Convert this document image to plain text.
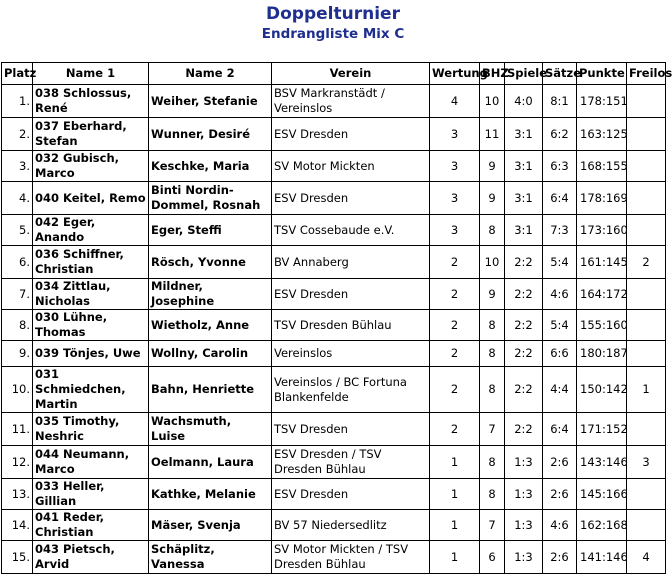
Doppelturnier
Endrangliste Mix C
Platz	Name 1	Name 2	Verein	Wertung	BHZ	Spiele	Sätze	Punkte	Freilos
1.	038 Schlossus, René	Weiher, Stefanie	BSV Markranstädt / Vereinslos	4	10	4:0	8:1	178:151	
2.	037 Eberhard, Stefan	Wunner, Desiré	ESV Dresden	3	11	3:1	6:2	163:125	
3.	032 Gubisch, Marco	Keschke, Maria	SV Motor Mickten	3	9	3:1	6:3	168:155	
4.	040 Keitel, Remo	Binti Nordin-Dommel, Rosnah	ESV Dresden	3	9	3:1	6:4	178:169	
5.	042 Eger, Anando	Eger, Steffi	TSV Cossebaude e.V.	3	8	3:1	7:3	173:160	
6.	036 Schiffner, Christian	Rösch, Yvonne	BV Annaberg	2	10	2:2	5:4	161:145	2
7.	034 Zittlau, Nicholas	Mildner, Josephine	ESV Dresden	2	9	2:2	4:6	164:172	
8.	030 Lühne, Thomas	Wietholz, Anne	TSV Dresden Bühlau	2	8	2:2	5:4	155:160	
9.	039 Tönjes, Uwe	Wollny, Carolin	Vereinslos	2	8	2:2	6:6	180:187	
10.	031 Schmiedchen, Martin	Bahn, Henriette	Vereinslos / BC Fortuna Blankenfelde	2	8	2:2	4:4	150:142	1
11.	035 Timothy, Neshric	Wachsmuth, Luise	TSV Dresden	2	7	2:2	6:4	171:152	
12.	044 Neumann, Marco	Oelmann, Laura	ESV Dresden / TSV Dresden Bühlau	1	8	1:3	2:6	143:146	3
13.	033 Heller, Gillian	Kathke, Melanie	ESV Dresden	1	8	1:3	2:6	145:166	
14.	041 Reder, Christian	Mäser, Svenja	BV 57 Niedersedlitz	1	7	1:3	4:6	162:168	
15.	043 Pietsch, Arvid	Schäplitz, Vanessa	SV Motor Mickten / TSV Dresden Bühlau	1	6	1:3	2:6	141:146	4
